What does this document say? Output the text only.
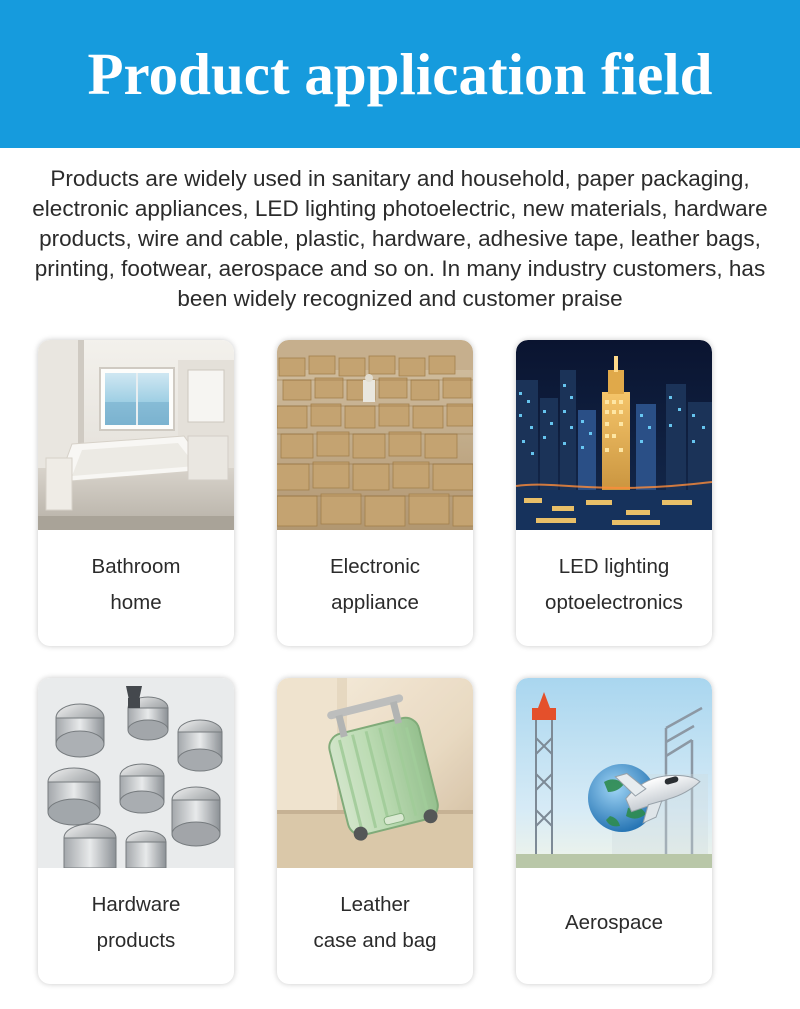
Product application field
Products are widely used in sanitary and household, paper packaging, electronic appliances, LED lighting photoelectric, new materials, hardware products, wire and cable, plastic, hardware, adhesive tape, leather bags, printing, footwear, aerospace and so on. In many industry customers, has been widely recognized and customer praise
Bathroom
home
Electronic
appliance
LED lighting
optoelectronics
Hardware
products
Leather
case and bag
Aerospace
